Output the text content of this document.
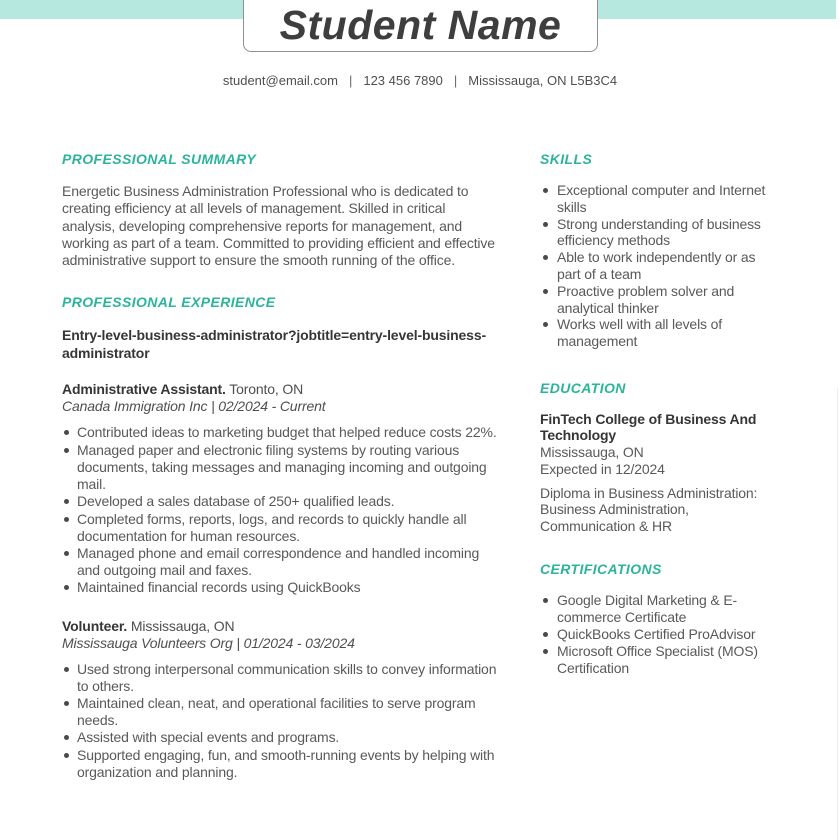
Student Name
student@email.com | 123 456 7890 | Mississauga, ON L5B3C4
PROFESSIONAL SUMMARY

Energetic Business Administration Professional who is dedicated to creating efficiency at all levels of management. Skilled in critical analysis, developing comprehensive reports for management, and working as part of a team. Committed to providing efficient and effective administrative support to ensure the smooth running of the office.

PROFESSIONAL EXPERIENCE

Entry-level-business-administrator?jobtitle=entry-level-business-administrator

Administrative Assistant. Toronto, ON

Canada Immigration Inc | 02/2024 - Current

Contributed ideas to marketing budget that helped reduce costs 22%.
Managed paper and electronic filing systems by routing various documents, taking messages and managing incoming and outgoing mail.
Developed a sales database of 250+ qualified leads.
Completed forms, reports, logs, and records to quickly handle all documentation for human resources.
Managed phone and email correspondence and handled incoming and outgoing mail and faxes.
Maintained financial records using QuickBooks

Volunteer. Mississauga, ON

Mississauga Volunteers Org | 01/2024 - 03/2024

Used strong interpersonal communication skills to convey information to others.
Maintained clean, neat, and operational facilities to serve program needs.
Assisted with special events and programs.
Supported engaging, fun, and smooth-running events by helping with organization and planning.
SKILLS
Exceptional computer and Internet skills
Strong understanding of business efficiency methods
Able to work independently or as part of a team
Proactive problem solver and analytical thinker
Works well with all levels of management
EDUCATION

FinTech College of Business And Technology

Mississauga, ON

Expected in 12/2024

Diploma in Business Administration: Business Administration, Communication & HR

CERTIFICATIONS
Google Digital Marketing & E-commerce Certificate
QuickBooks Certified ProAdvisor
Microsoft Office Specialist (MOS) Certification
